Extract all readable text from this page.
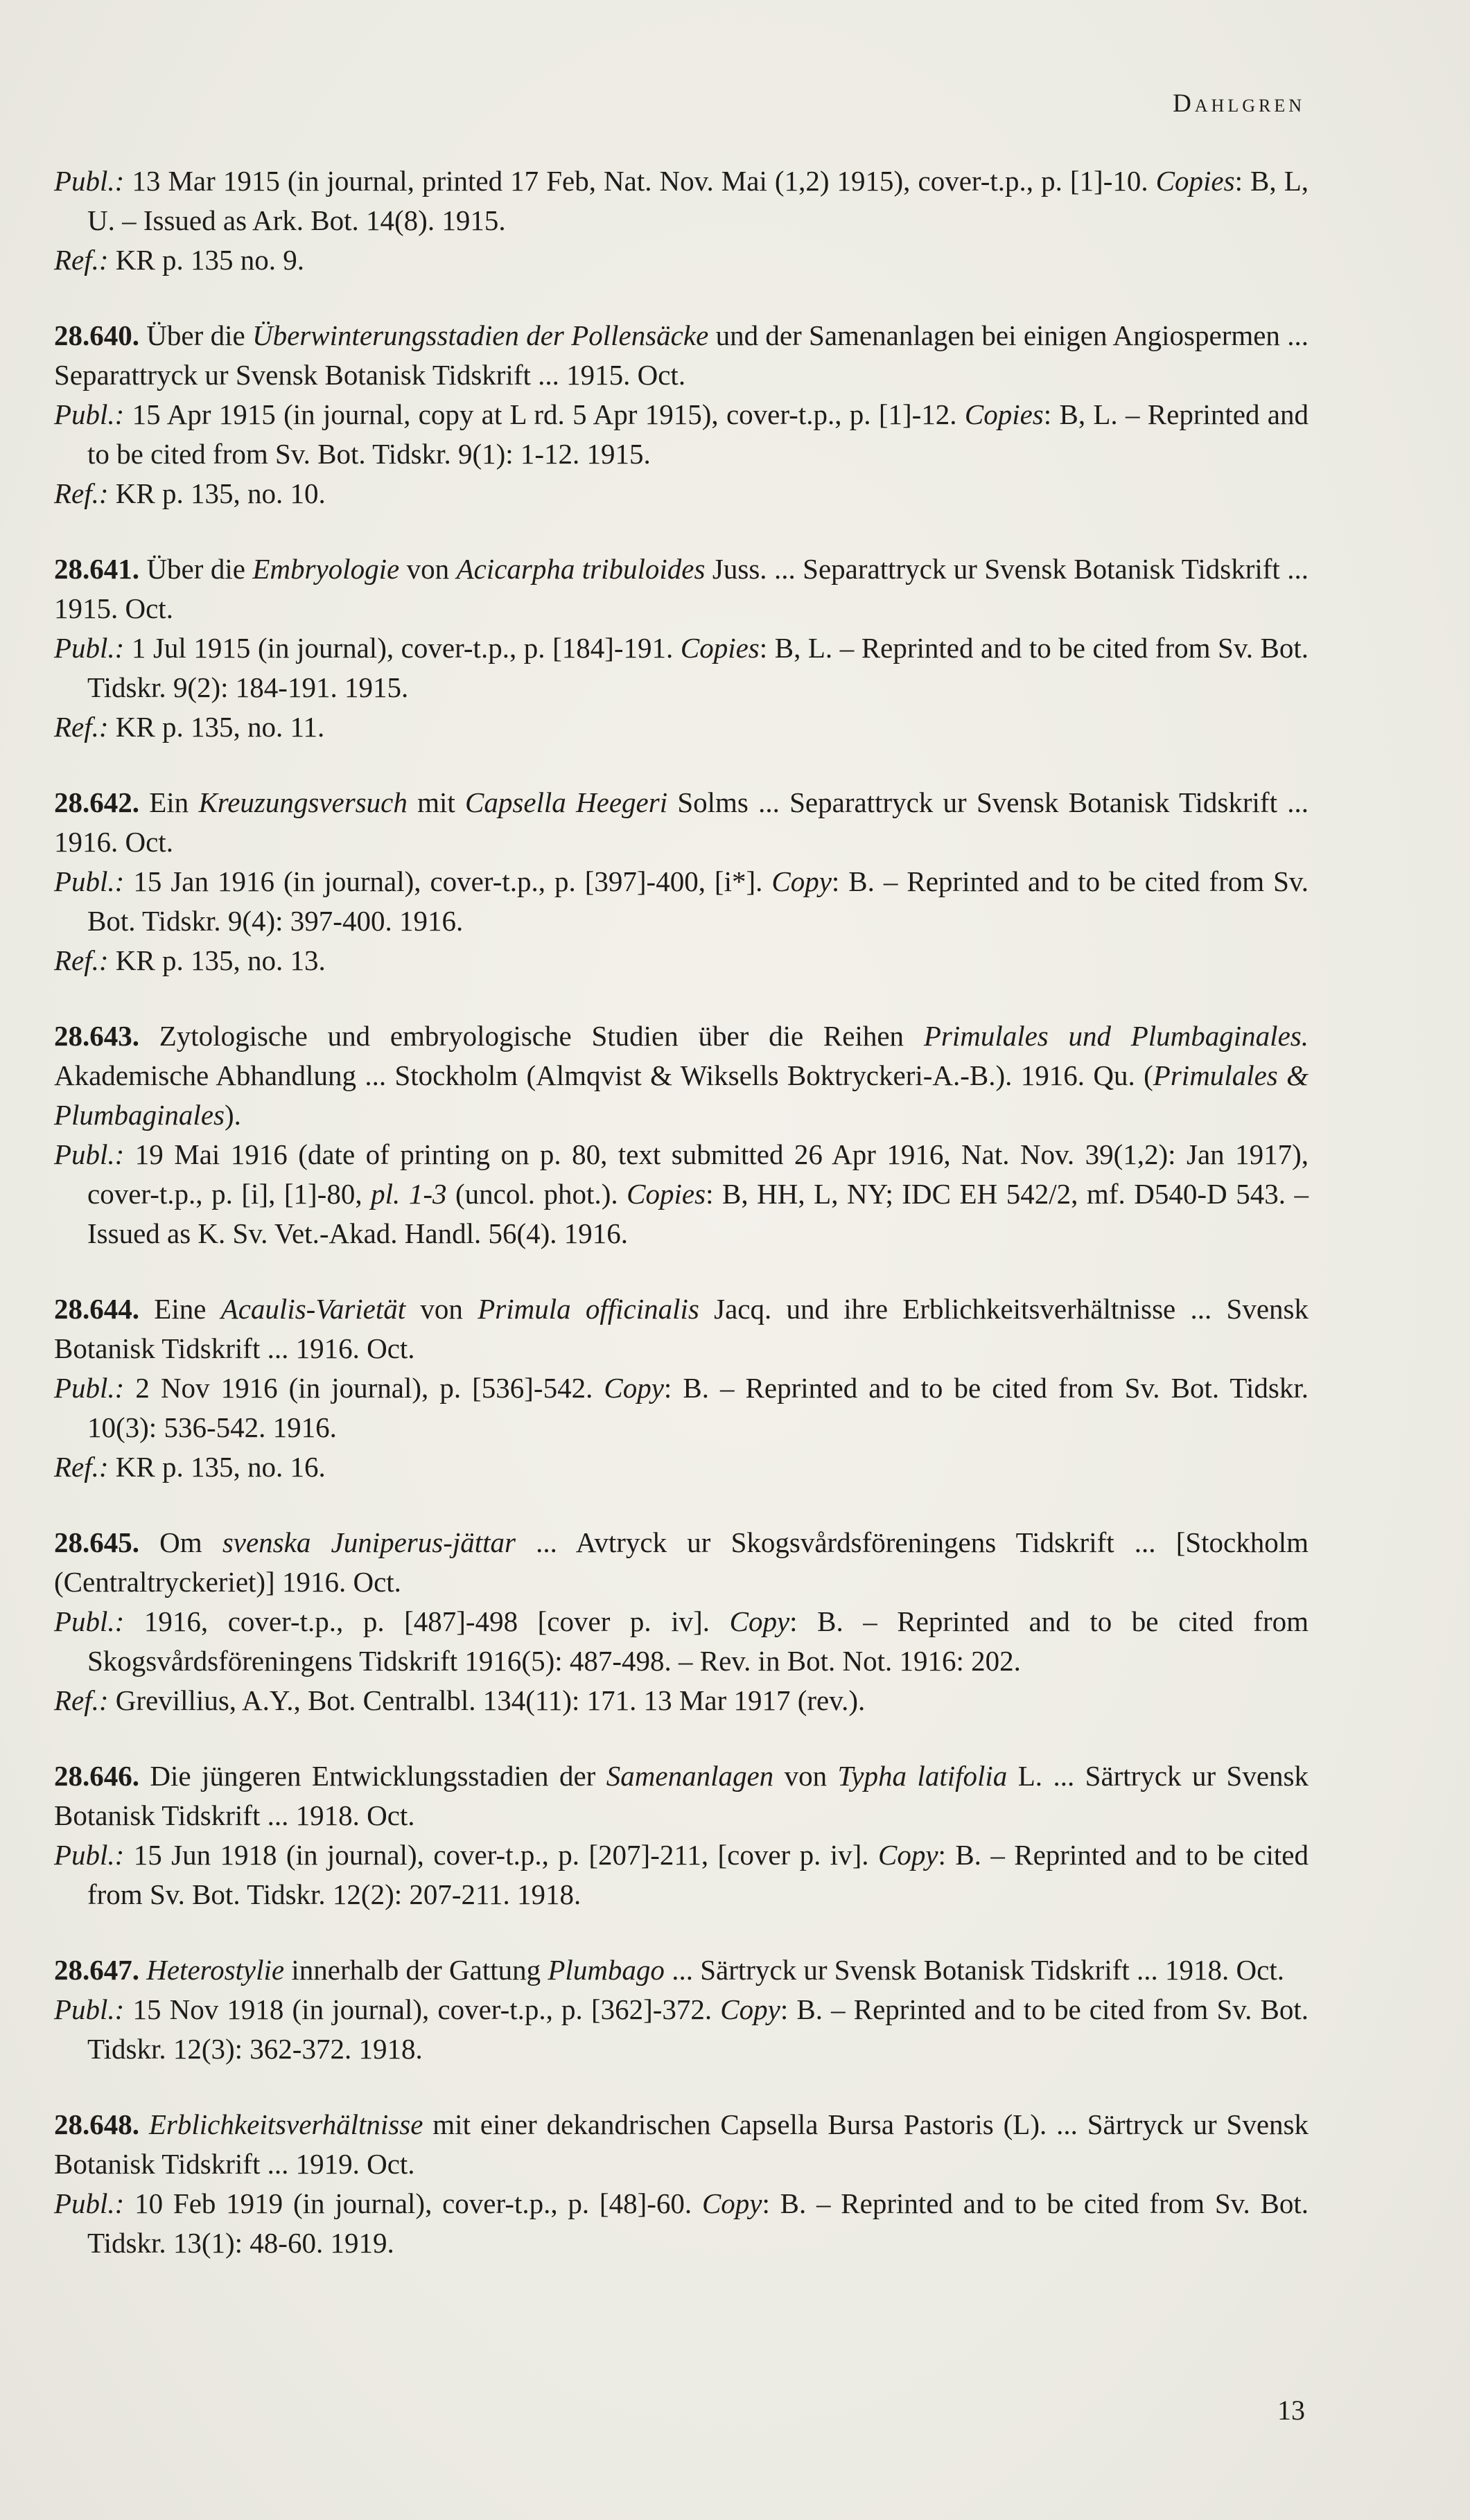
Dahlgren

Publ.: 13 Mar 1915 (in journal, printed 17 Feb, Nat. Nov. Mai (1,2) 1915), cover-t.p., p. [1]-10. Copies: B, L, U. – Issued as Ark. Bot. 14(8). 1915.

Ref.: KR p. 135 no. 9.

28.640. Über die Überwinterungsstadien der Pollensäcke und der Samenanlagen bei einigen Angiospermen ... Separattryck ur Svensk Botanisk Tidskrift ... 1915. Oct.

Publ.: 15 Apr 1915 (in journal, copy at L rd. 5 Apr 1915), cover-t.p., p. [1]-12. Copies: B, L. – Reprinted and to be cited from Sv. Bot. Tidskr. 9(1): 1-12. 1915.

Ref.: KR p. 135, no. 10.

28.641. Über die Embryologie von Acicarpha tribuloides Juss. ... Separattryck ur Svensk Botanisk Tidskrift ... 1915. Oct.

Publ.: 1 Jul 1915 (in journal), cover-t.p., p. [184]-191. Copies: B, L. – Reprinted and to be cited from Sv. Bot. Tidskr. 9(2): 184-191. 1915.

Ref.: KR p. 135, no. 11.

28.642. Ein Kreuzungsversuch mit Capsella Heegeri Solms ... Separattryck ur Svensk Botanisk Tidskrift ... 1916. Oct.

Publ.: 15 Jan 1916 (in journal), cover-t.p., p. [397]-400, [i*]. Copy: B. – Reprinted and to be cited from Sv. Bot. Tidskr. 9(4): 397-400. 1916.

Ref.: KR p. 135, no. 13.

28.643. Zytologische und embryologische Studien über die Reihen Primulales und Plumbaginales. Akademische Abhandlung ... Stockholm (Almqvist & Wiksells Boktryckeri-A.-B.). 1916. Qu. (Primulales & Plumbaginales).

Publ.: 19 Mai 1916 (date of printing on p. 80, text submitted 26 Apr 1916, Nat. Nov. 39(1,2): Jan 1917), cover-t.p., p. [i], [1]-80, pl. 1-3 (uncol. phot.). Copies: B, HH, L, NY; IDC EH 542/2, mf. D540-D 543. – Issued as K. Sv. Vet.-Akad. Handl. 56(4). 1916.

28.644. Eine Acaulis-Varietät von Primula officinalis Jacq. und ihre Erblichkeitsverhältnisse ... Svensk Botanisk Tidskrift ... 1916. Oct.

Publ.: 2 Nov 1916 (in journal), p. [536]-542. Copy: B. – Reprinted and to be cited from Sv. Bot. Tidskr. 10(3): 536-542. 1916.

Ref.: KR p. 135, no. 16.

28.645. Om svenska Juniperus-jättar ... Avtryck ur Skogsvårdsföreningens Tidskrift ... [Stockholm (Centraltryckeriet)] 1916. Oct.

Publ.: 1916, cover-t.p., p. [487]-498 [cover p. iv]. Copy: B. – Reprinted and to be cited from Skogsvårdsföreningens Tidskrift 1916(5): 487-498. – Rev. in Bot. Not. 1916: 202.

Ref.: Grevillius, A.Y., Bot. Centralbl. 134(11): 171. 13 Mar 1917 (rev.).

28.646. Die jüngeren Entwicklungsstadien der Samenanlagen von Typha latifolia L. ... Särtryck ur Svensk Botanisk Tidskrift ... 1918. Oct.

Publ.: 15 Jun 1918 (in journal), cover-t.p., p. [207]-211, [cover p. iv]. Copy: B. – Reprinted and to be cited from Sv. Bot. Tidskr. 12(2): 207-211. 1918.

28.647. Heterostylie innerhalb der Gattung Plumbago ... Särtryck ur Svensk Botanisk Tidskrift ... 1918. Oct.

Publ.: 15 Nov 1918 (in journal), cover-t.p., p. [362]-372. Copy: B. – Reprinted and to be cited from Sv. Bot. Tidskr. 12(3): 362-372. 1918.

28.648. Erblichkeitsverhältnisse mit einer dekandrischen Capsella Bursa Pastoris (L). ... Särtryck ur Svensk Botanisk Tidskrift ... 1919. Oct.

Publ.: 10 Feb 1919 (in journal), cover-t.p., p. [48]-60. Copy: B. – Reprinted and to be cited from Sv. Bot. Tidskr. 13(1): 48-60. 1919.

13
